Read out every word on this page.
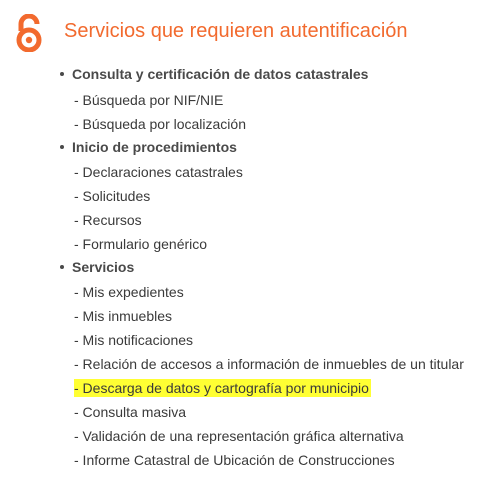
Servicios que requieren autentificación
Consulta y certificación de datos catastrales
- Búsqueda por NIF/NIE
- Búsqueda por localización
Inicio de procedimientos
- Declaraciones catastrales
- Solicitudes
- Recursos
- Formulario genérico
Servicios
- Mis expedientes
- Mis inmuebles
- Mis notificaciones
- Relación de accesos a información de inmuebles de un titular
- Descarga de datos y cartografía por municipio
- Consulta masiva
- Validación de una representación gráfica alternativa
- Informe Catastral de Ubicación de Construcciones
